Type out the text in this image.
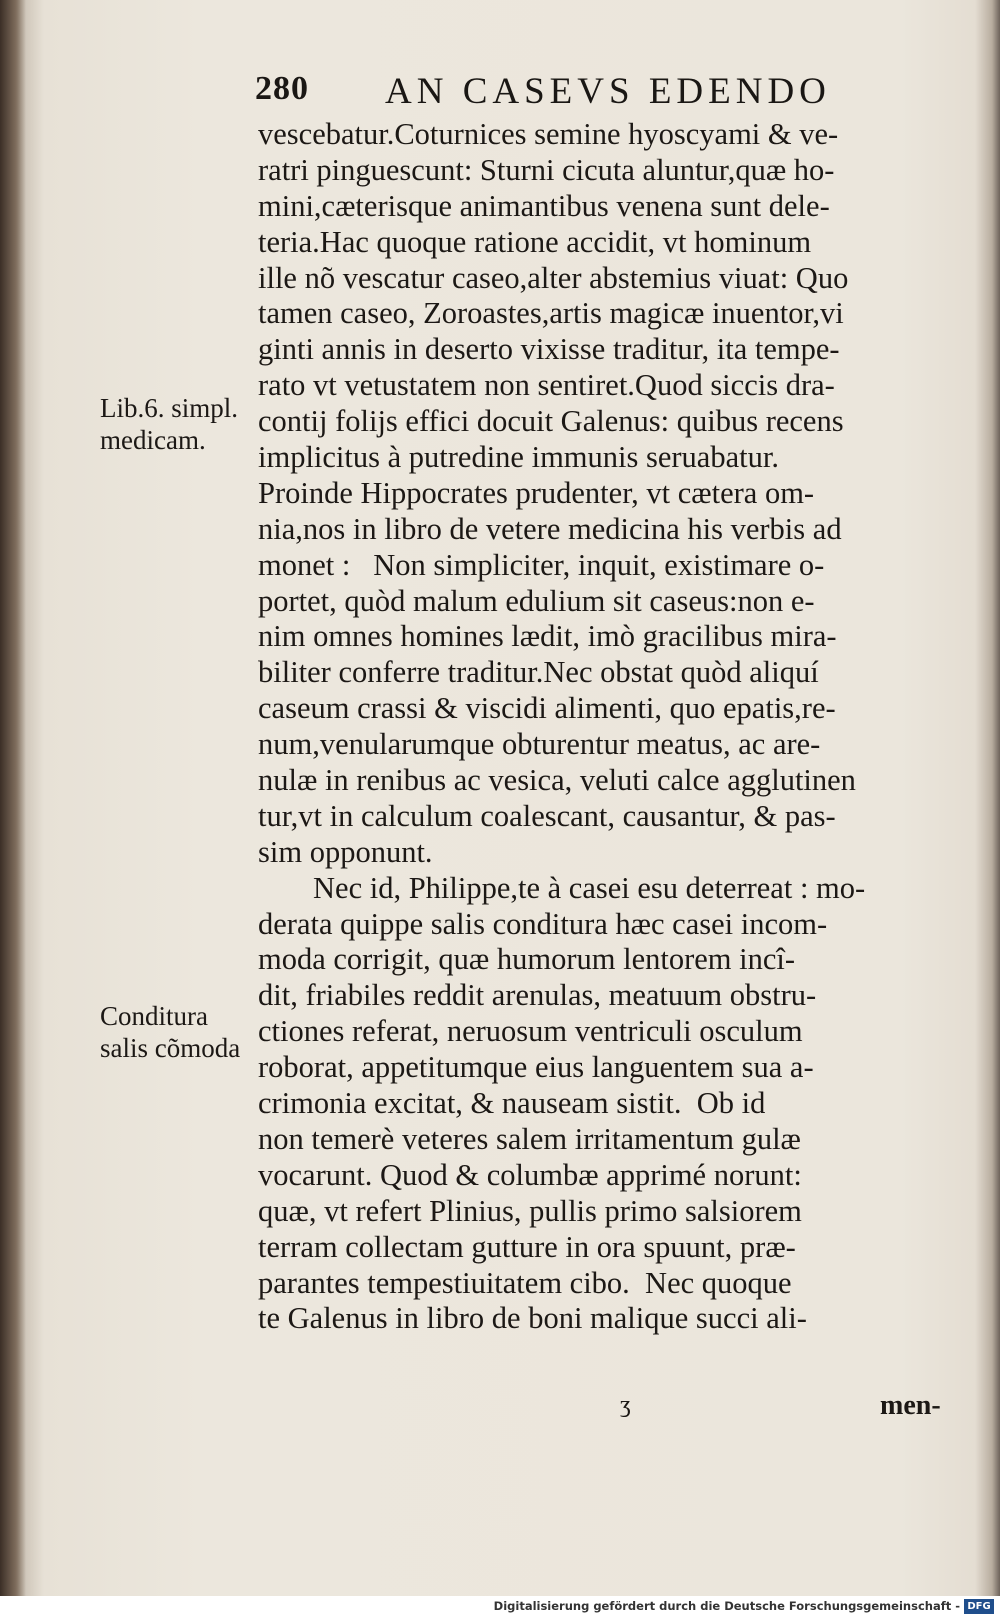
280 AN CASEVS EDENDO
vescebatur.Coturnices semine hyoscyami & ve-
ratri pinguescunt: Sturni cicuta aluntur,quæ ho-
mini,cæterisque animantibus venena sunt dele-
teria.Hac quoque ratione accidit, vt hominum
ille nõ vescatur caseo,alter abstemius viuat: Quo
tamen caseo, Zoroastes,artis magicæ inuentor,vi
ginti annis in deserto vixisse traditur, ita tempe-
rato vt vetustatem non sentiret.Quod siccis dra-
contij folijs effici docuit Galenus: quibus recens
implicitus à putredine immunis seruabatur.
Proinde Hippocrates prudenter, vt cætera om-
nia,nos in libro de vetere medicina his verbis ad
monet :   Non simpliciter, inquit, existimare o-
portet, quòd malum edulium sit caseus:non e-
nim omnes homines lædit, imò gracilibus mira-
biliter conferre traditur.Nec obstat quòd aliquí
caseum crassi & viscidi alimenti, quo epatis,re-
num,venularumque obturentur meatus, ac are-
nulæ in renibus ac vesica, veluti calce agglutinen
tur,vt in calculum coalescant, causantur, & pas-
sim opponunt.
Nec id, Philippe,te à casei esu deterreat : mo-
derata quippe salis conditura hæc casei incom-
moda corrigit, quæ humorum lentorem incî-
dit, friabiles reddit arenulas, meatuum obstru-
ctiones referat, neruosum ventriculi osculum
roborat, appetitumque eius languentem sua a-
crimonia excitat, & nauseam sistit.  Ob id
non temerè veteres salem irritamentum gulæ
vocarunt. Quod & columbæ apprimé norunt:
quæ, vt refert Plinius, pullis primo salsiorem
terram collectam gutture in ora spuunt, præ-
parantes tempestiuitatem cibo.  Nec quoque
te Galenus in libro de boni malique succi ali-
Lib.6. simpl.
medicam.
Conditura
salis cõmoda
ʒ	men-
Digitalisierung gefördert durch die Deutsche Forschungsgemeinschaft - DFG
